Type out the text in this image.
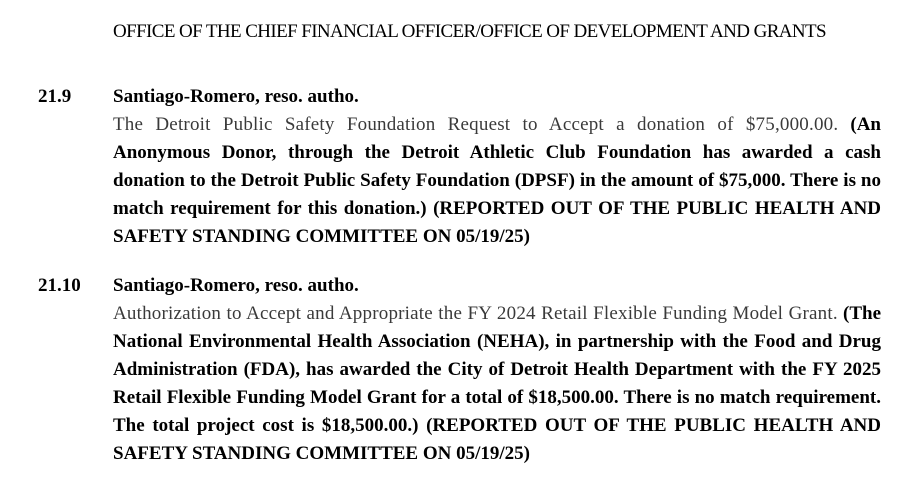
OFFICE OF THE CHIEF FINANCIAL OFFICER/OFFICE OF DEVELOPMENT AND GRANTS
21.9 Santiago-Romero, reso. autho.

The Detroit Public Safety Foundation Request to Accept a donation of $75,000.00. (An Anonymous Donor, through the Detroit Athletic Club Foundation has awarded a cash donation to the Detroit Public Safety Foundation (DPSF) in the amount of $75,000. There is no match requirement for this donation.) (REPORTED OUT OF THE PUBLIC HEALTH AND SAFETY STANDING COMMITTEE ON 05/19/25)

21.10 Santiago-Romero, reso. autho.

Authorization to Accept and Appropriate the FY 2024 Retail Flexible Funding Model Grant. (The National Environmental Health Association (NEHA), in partnership with the Food and Drug Administration (FDA), has awarded the City of Detroit Health Department with the FY 2025 Retail Flexible Funding Model Grant for a total of $18,500.00. There is no match requirement. The total project cost is $18,500.00.) (REPORTED OUT OF THE PUBLIC HEALTH AND SAFETY STANDING COMMITTEE ON 05/19/25)
